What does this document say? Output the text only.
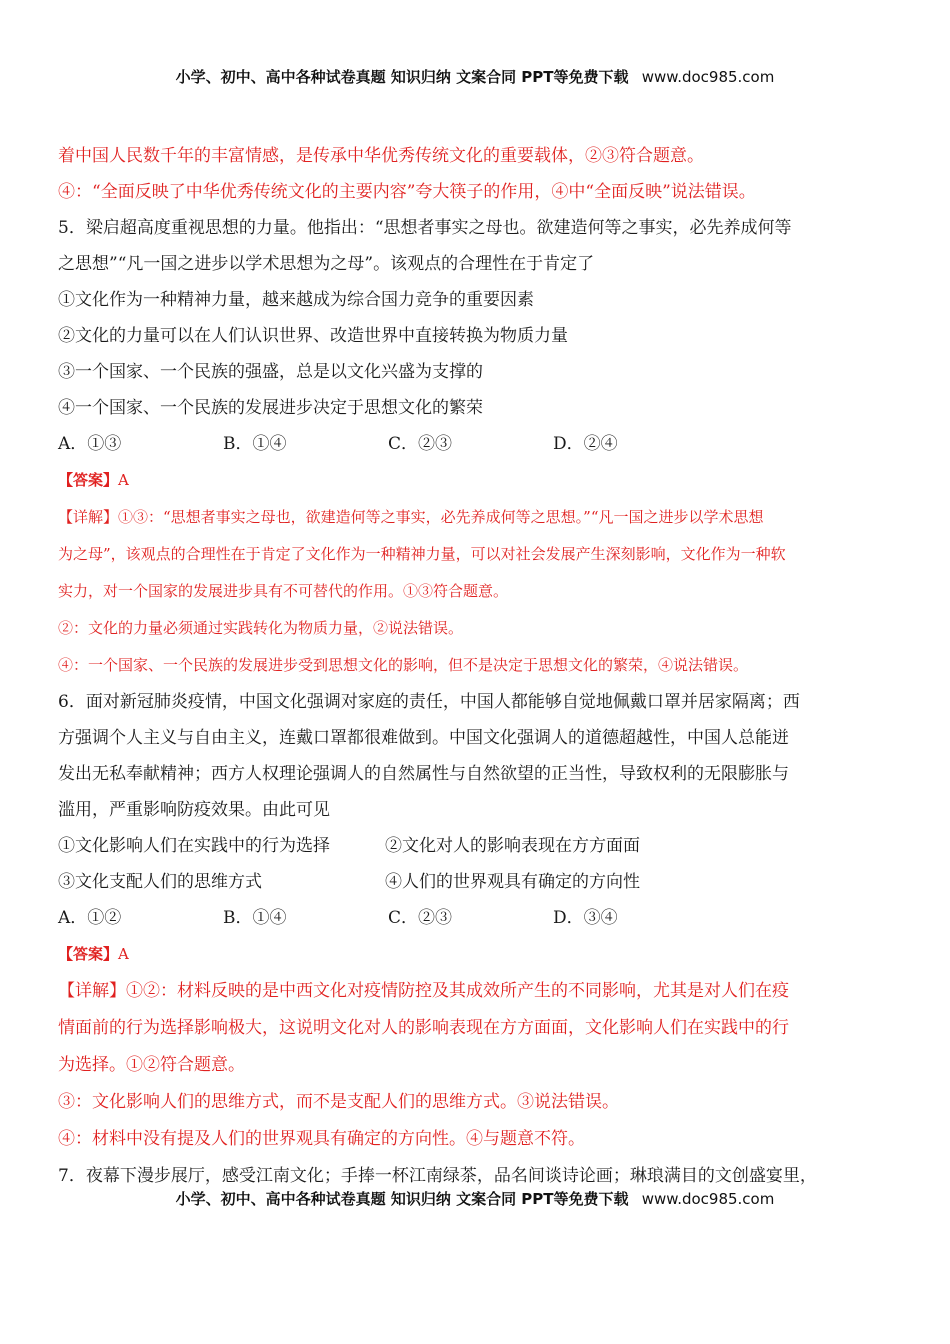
小学、初中、高中各种试卷真题 知识归纳 文案合同 PPT等免费下载 www.doc985.com
着中国人民数千年的丰富情感，是传承中华优秀传统文化的重要载体，②③符合题意。
④：“全面反映了中华优秀传统文化的主要内容”夸大筷子的作用，④中“全面反映”说法错误。
5．梁启超高度重视思想的力量。他指出：“思想者事实之母也。欲建造何等之事实，必先养成何等
之思想”“凡一国之进步以学术思想为之母”。该观点的合理性在于肯定了
①文化作为一种精神力量，越来越成为综合国力竞争的重要因素
②文化的力量可以在人们认识世界、改造世界中直接转换为物质力量
③一个国家、一个民族的强盛，总是以文化兴盛为支撑的
④一个国家、一个民族的发展进步决定于思想文化的繁荣
A．①③	B．①④	C．②③	D．②④
【答案】A
【详解】①③：“思想者事实之母也，欲建造何等之事实，必先养成何等之思想。”“凡一国之进步以学术思想
为之母”，该观点的合理性在于肯定了文化作为一种精神力量，可以对社会发展产生深刻影响，文化作为一种软
实力，对一个国家的发展进步具有不可替代的作用。①③符合题意。
②：文化的力量必须通过实践转化为物质力量，②说法错误。
④：一个国家、一个民族的发展进步受到思想文化的影响，但不是决定于思想文化的繁荣，④说法错误。
6．面对新冠肺炎疫情，中国文化强调对家庭的责任，中国人都能够自觉地佩戴口罩并居家隔离；西
方强调个人主义与自由主义，连戴口罩都很难做到。中国文化强调人的道德超越性，中国人总能迸
发出无私奉献精神；西方人权理论强调人的自然属性与自然欲望的正当性，导致权利的无限膨胀与
滥用，严重影响防疫效果。由此可见
①文化影响人们在实践中的行为选择	②文化对人的影响表现在方方面面
③文化支配人们的思维方式	④人们的世界观具有确定的方向性
A．①②	B．①④	C．②③	D．③④
【答案】A
【详解】①②：材料反映的是中西文化对疫情防控及其成效所产生的不同影响，尤其是对人们在疫
情面前的行为选择影响极大，这说明文化对人的影响表现在方方面面，文化影响人们在实践中的行
为选择。①②符合题意。
③：文化影响人们的思维方式，而不是支配人们的思维方式。③说法错误。
④：材料中没有提及人们的世界观具有确定的方向性。④与题意不符。
7．夜幕下漫步展厅，感受江南文化；手捧一杯江南绿茶，品名间谈诗论画；琳琅满目的文创盛宴里，
小学、初中、高中各种试卷真题 知识归纳 文案合同 PPT等免费下载 www.doc985.com
